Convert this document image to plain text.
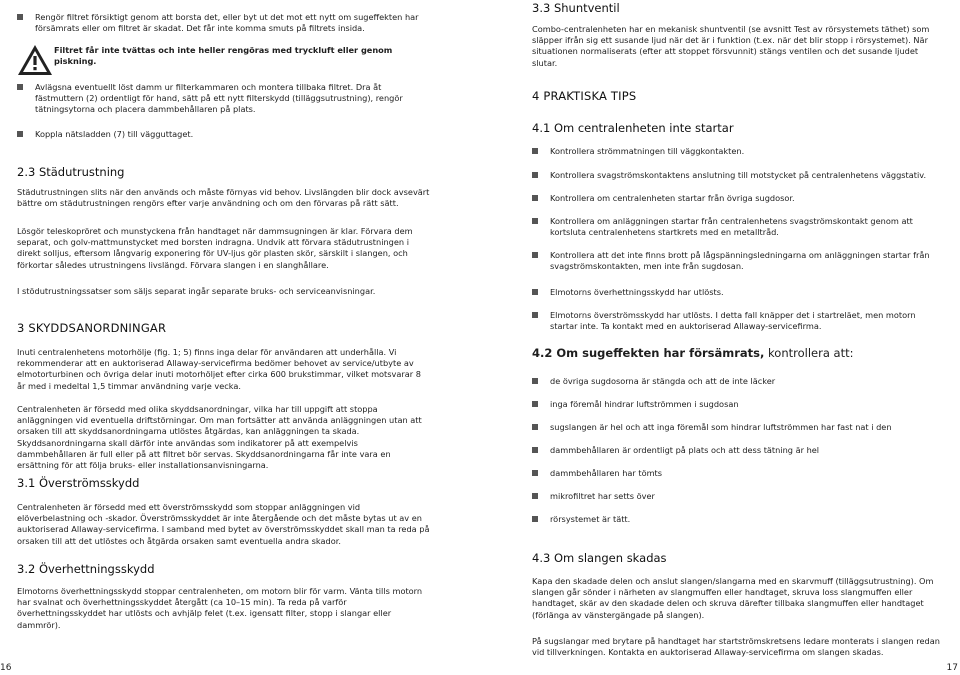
Rengör filtret försiktigt genom att borsta det, eller byt ut det mot ett nytt om sugeffekten har försämrats eller om filtret är skadat. Det får inte komma smuts på filtrets insida.

Filtret får inte tvättas och inte heller rengöras med tryckluft eller genom piskning.

Avlägsna eventuellt löst damm ur filterkammaren och montera tillbaka filtret. Dra åt fästmuttern (2) ordentligt för hand, sätt på ett nytt filterskydd (tilläggsutrustning), rengör tätningsytorna och placera dammbehållaren på plats.

Koppla nätsladden (7) till vägguttaget.

2.3 Städutrustning

Städutrustningen slits när den används och måste förnyas vid behov. Livslängden blir dock avsevärt bättre om städutrustningen rengörs efter varje användning och om den förvaras på rätt sätt.

Lösgör teleskopröret och munstyckena från handtaget när dammsugningen är klar. Förvara dem separat, och golv-mattmunstycket med borsten indragna. Undvik att förvara städutrustningen i direkt solljus, eftersom långvarig exponering för UV-ljus gör plasten skör, särskilt i slangen, och förkortar således utrustningens livslängd. Förvara slangen i en slanghållare.

I stödutrustningssatser som säljs separat ingår separate bruks- och serviceanvisningar.

3 SKYDDSANORDNINGAR

Inuti centralenhetens motorhölje (fig. 1; 5) finns inga delar för användaren att underhålla. Vi rekommenderar att en auktoriserad Allaway-servicefirma bedömer behovet av service/utbyte av elmotorturbinen och övriga delar inuti motorhöljet efter cirka 600 brukstimmar, vilket motsvarar 8 år med i medeltal 1,5 timmar användning varje vecka.

Centralenheten är försedd med olika skyddsanordningar, vilka har till uppgift att stoppa anläggningen vid eventuella driftstörningar. Om man fortsätter att använda anläggningen utan att orsaken till att skyddsanordningarna utlöstes åtgärdas, kan anläggningen ta skada. Skyddsanordningarna skall därför inte användas som indikatorer på att exempelvis dammbehållaren är full eller på att filtret bör servas. Skyddsanordningarna får inte vara en ersättning för att följa bruks- eller installationsanvisningarna.

3.1 Överströmsskydd

Centralenheten är försedd med ett överströmsskydd som stoppar anläggningen vid elöverbelastning och -skador. Överströmsskyddet är inte återgående och det måste bytas ut av en auktoriserad Allaway-servicefirma. I samband med bytet av överströmsskyddet skall man ta reda på orsaken till att det utlöstes och åtgärda orsaken samt eventuella andra skador.

3.2 Överhettningsskydd

Elmotorns överhettningsskydd stoppar centralenheten, om motorn blir för varm. Vänta tills motorn har svalnat och överhettningsskyddet återgått (ca 10–15 min). Ta reda på varför överhettningsskyddet har utlösts och avhjälp felet (t.ex. igensatt filter, stopp i slangar eller dammrör).

16
3.3 Shuntventil

Combo-centralenheten har en mekanisk shuntventil (se avsnitt Test av rörsystemets täthet) som släpper ifrån sig ett susande ljud när det är i funktion (t.ex. när det blir stopp i rörsystemet). När situationen normaliserats (efter att stoppet försvunnit) stängs ventilen och det susande ljudet slutar.

4 PRAKTISKA TIPS
4.1 Om centralenheten inte startar

Kontrollera strömmatningen till väggkontakten.

Kontrollera svagströmskontaktens anslutning till motstycket på centralenhetens väggstativ.

Kontrollera om centralenheten startar från övriga sugdosor.

Kontrollera om anläggningen startar från centralenhetens svagströmskontakt genom att kortsluta centralenhetens startkrets med en metalltråd.

Kontrollera att det inte finns brott på lågspänningsledningarna om anläggningen startar från svagströmskontakten, men inte från sugdosan.

Elmotorns överhettningsskydd har utlösts.

Elmotorns överströmsskydd har utlösts. I detta fall knäpper det i startreläet, men motorn startar inte. Ta kontakt med en auktoriserad Allaway-servicefirma.

4.2 Om sugeffekten har försämrats, kontrollera att:

de övriga sugdosorna är stängda och att de inte läcker

inga föremål hindrar luftströmmen i sugdosan

sugslangen är hel och att inga föremål som hindrar luftströmmen har fast nat i den

dammbehållaren är ordentligt på plats och att dess tätning är hel

dammbehållaren har tömts

mikrofiltret har setts över

rörsystemet är tätt.

4.3 Om slangen skadas

Kapa den skadade delen och anslut slangen/slangarna med en skarvmuff (tilläggsutrustning). Om slangen går sönder i närheten av slangmuffen eller handtaget, skruva loss slangmuffen eller handtaget, skär av den skadade delen och skruva därefter tillbaka slangmuffen eller handtaget (förlänga av vänstergängade på slangen).

På sugslangar med brytare på handtaget har startströmskretsens ledare monterats i slangen redan vid tillverkningen. Kontakta en auktoriserad Allaway-servicefirma om slangen skadas.

17
